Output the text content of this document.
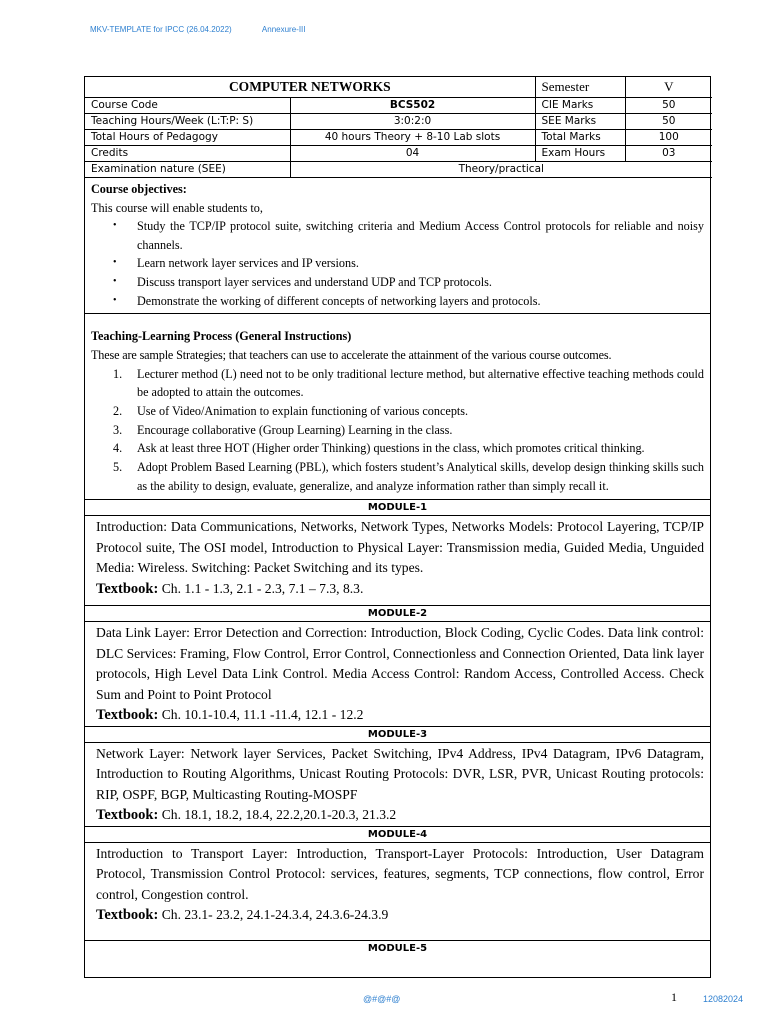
MKV-TEMPLATE for IPCC (26.04.2022)	Annexure-III
COMPUTER NETWORKS		Semester	V
Course Code	BCS502	CIE Marks	50
Teaching Hours/Week (L:T:P: S)	3:0:2:0	SEE Marks	50
Total Hours of Pedagogy	40 hours Theory + 8-10 Lab slots	Total Marks	100
Credits	04	Exam Hours	03
Examination nature (SEE)	Theory/practical		
Course objectives:

This course will enable students to,

• Study the TCP/IP protocol suite, switching criteria and Medium Access Control protocols for reliable and noisy channels.
• Learn network layer services and IP versions.
• Discuss transport layer services and understand UDP and TCP protocols.
• Demonstrate the working of different concepts of networking layers and protocols.
Teaching-Learning Process (General Instructions)

These are sample Strategies; that teachers can use to accelerate the attainment of the various course outcomes.

1. Lecturer method (L) need not to be only traditional lecture method, but alternative effective teaching methods could be adopted to attain the outcomes.
2. Use of Video/Animation to explain functioning of various concepts.
3. Encourage collaborative (Group Learning) Learning in the class.
4. Ask at least three HOT (Higher order Thinking) questions in the class, which promotes critical thinking.
5. Adopt Problem Based Learning (PBL), which fosters student’s Analytical skills, develop design thinking skills such as the ability to design, evaluate, generalize, and analyze information rather than simply recall it.
MODULE-1

Introduction: Data Communications, Networks, Network Types, Networks Models: Protocol Layering, TCP/IP Protocol suite, The OSI model, Introduction to Physical Layer: Transmission media, Guided Media, Unguided Media: Wireless. Switching: Packet Switching and its types.

Textbook: Ch. 1.1 - 1.3, 2.1 - 2.3, 7.1 – 7.3, 8.3.

MODULE-2

Data Link Layer: Error Detection and Correction: Introduction, Block Coding, Cyclic Codes. Data link control: DLC Services: Framing, Flow Control, Error Control, Connectionless and Connection Oriented, Data link layer protocols, High Level Data Link Control. Media Access Control: Random Access, Controlled Access. Check Sum and Point to Point Protocol

Textbook: Ch. 10.1-10.4, 11.1 -11.4, 12.1 - 12.2

MODULE-3

Network Layer: Network layer Services, Packet Switching, IPv4 Address, IPv4 Datagram, IPv6 Datagram, Introduction to Routing Algorithms, Unicast Routing Protocols: DVR, LSR, PVR, Unicast Routing protocols: RIP, OSPF, BGP, Multicasting Routing-MOSPF

Textbook: Ch. 18.1, 18.2, 18.4, 22.2,20.1-20.3, 21.3.2

MODULE-4

Introduction to Transport Layer: Introduction, Transport-Layer Protocols: Introduction, User Datagram Protocol, Transmission Control Protocol: services, features, segments, TCP connections, flow control, Error control, Congestion control.

Textbook: Ch. 23.1- 23.2, 24.1-24.3.4, 24.3.6-24.3.9

MODULE-5
@#@#@	1	12082024
